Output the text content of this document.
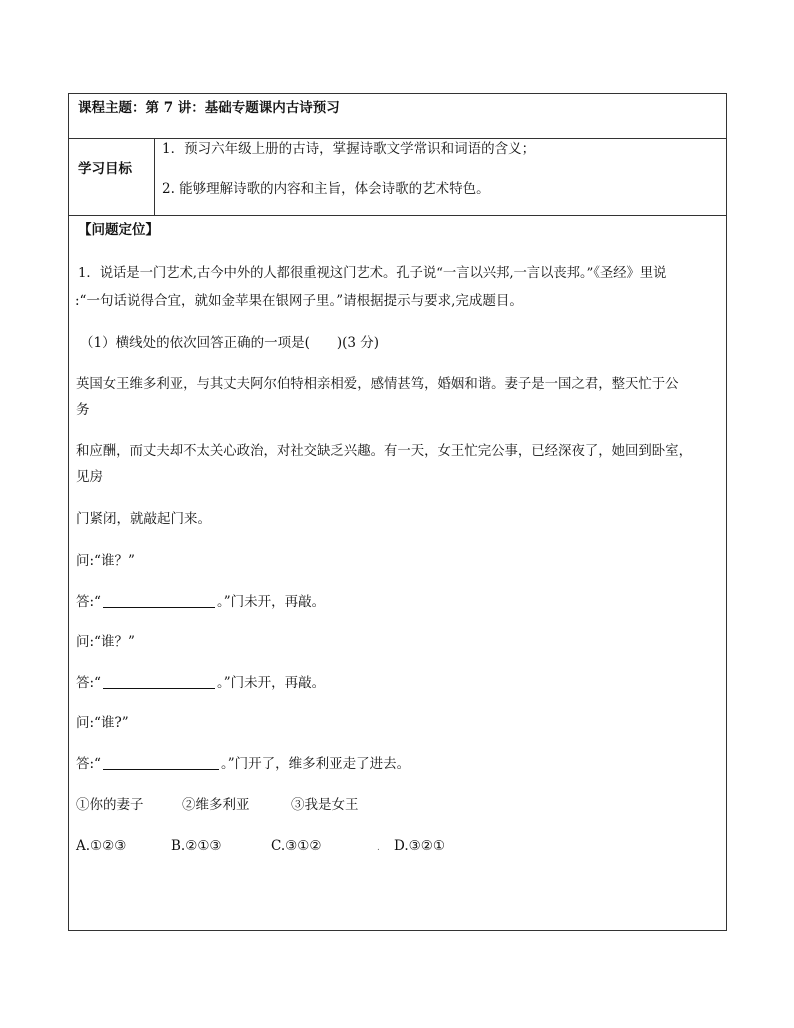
课程主题：第 7 讲：基础专题课内古诗预习
学习目标
1．预习六年级上册的古诗，掌握诗歌文学常识和词语的含义；
2. 能够理解诗歌的内容和主旨，体会诗歌的艺术特色。
【问题定位】
1．说话是一门艺术,古今中外的人都很重视这门艺术。孔子说“一言以兴邦,一言以丧邦。”《圣经》里说
:“一句话说得合宜，就如金苹果在银网子里。”请根据提示与要求,完成题目。
（1）横线处的依次回答正确的一项是(　　)(3 分)
英国女王维多利亚，与其丈夫阿尔伯特相亲相爱，感情甚笃，婚姻和谐。妻子是一国之君，整天忙于公
务
和应酬，而丈夫却不太关心政治，对社交缺乏兴趣。有一天，女王忙完公事，已经深夜了，她回到卧室，
见房
门紧闭，就敲起门来。
问:“谁？”
答:“	。”门未开，再敲。
问:“谁？”
答:“	。”门未开，再敲。
问:“谁?”
答:“	。”门开了，维多利亚走了进去。
①你的妻子	②维多利亚	③我是女王
A.①②③	B.②①③	C.③①②	. D.③②①
